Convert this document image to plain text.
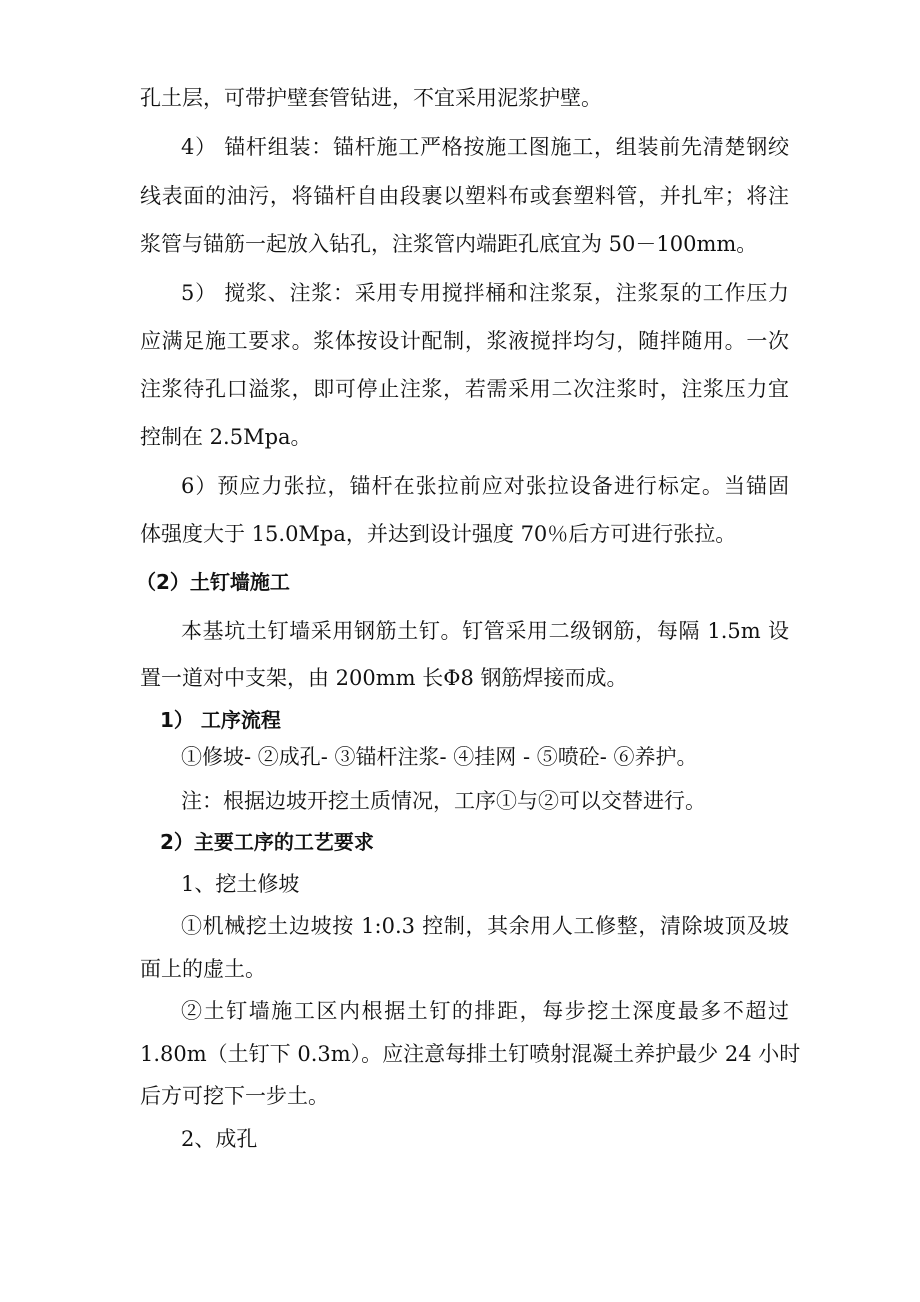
孔土层，可带护壁套管钻进，不宜采用泥浆护壁。
4） 锚杆组装：锚杆施工严格按施工图施工，组装前先清楚钢绞
线表面的油污，将锚杆自由段裹以塑料布或套塑料管，并扎牢；将注
浆管与锚筋一起放入钻孔，注浆管内端距孔底宜为 50－100mm。
5） 搅浆、注浆：采用专用搅拌桶和注浆泵，注浆泵的工作压力
应满足施工要求。浆体按设计配制，浆液搅拌均匀，随拌随用。一次
注浆待孔口溢浆，即可停止注浆，若需采用二次注浆时，注浆压力宜
控制在 2.5Mpa。
6）预应力张拉，锚杆在张拉前应对张拉设备进行标定。当锚固
体强度大于 15.0Mpa，并达到设计强度 70％后方可进行张拉。
（2）土钉墙施工
本基坑土钉墙采用钢筋土钉。钉管采用二级钢筋，每隔 1.5m 设
置一道对中支架，由 200mm 长Φ8 钢筋焊接而成。
1） 工序流程
①修坡- ②成孔- ③锚杆注浆- ④挂网 - ⑤喷砼- ⑥养护。
注：根据边坡开挖土质情况，工序①与②可以交替进行。
2）主要工序的工艺要求
1、挖土修坡
①机械挖土边坡按 1:0.3 控制，其余用人工修整，清除坡顶及坡
面上的虚土。
②土钉墙施工区内根据土钉的排距，每步挖土深度最多不超过
1.80m（土钉下 0.3m）。应注意每排土钉喷射混凝土养护最少 24 小时
后方可挖下一步土。
2、成孔
